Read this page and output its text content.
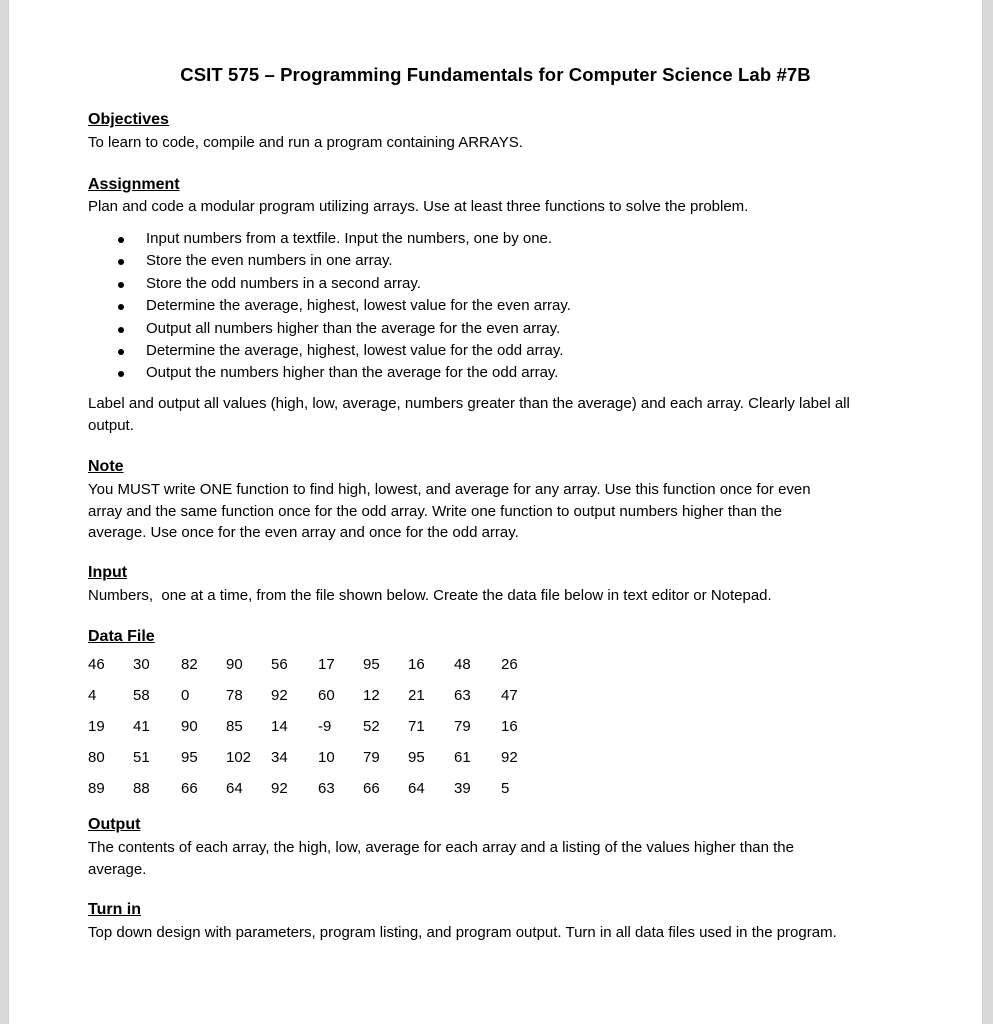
CSIT 575 – Programming Fundamentals for Computer Science Lab #7B
Objectives
To learn to code, compile and run a program containing ARRAYS.
Assignment
Plan and code a modular program utilizing arrays. Use at least three functions to solve the problem.
Input numbers from a textfile. Input the numbers, one by one.
Store the even numbers in one array.
Store the odd numbers in a second array.
Determine the average, highest, lowest value for the even array.
Output all numbers higher than the average for the even array.
Determine the average, highest, lowest value for the odd array.
Output the numbers higher than the average for the odd array.
Label and output all values (high, low, average, numbers greater than the average) and each array. Clearly label all
output.
Note
You MUST write ONE function to find high, lowest, and average for any array. Use this function once for even
array and the same function once for the odd array. Write one function to output numbers higher than the
average. Use once for the even array and once for the odd array.
Input
Numbers,  one at a time, from the file shown below. Create the data file below in text editor or Notepad.
Data File
46	30	82	90	56	17	95	16	48	26
4	58	0	78	92	60	12	21	63	47
19	41	90	85	14	-9	52	71	79	16
80	51	95	102	34	10	79	95	61	92
89	88	66	64	92	63	66	64	39	5
Output
The contents of each array, the high, low, average for each array and a listing of the values higher than the
average.
Turn in
Top down design with parameters, program listing, and program output. Turn in all data files used in the program.
